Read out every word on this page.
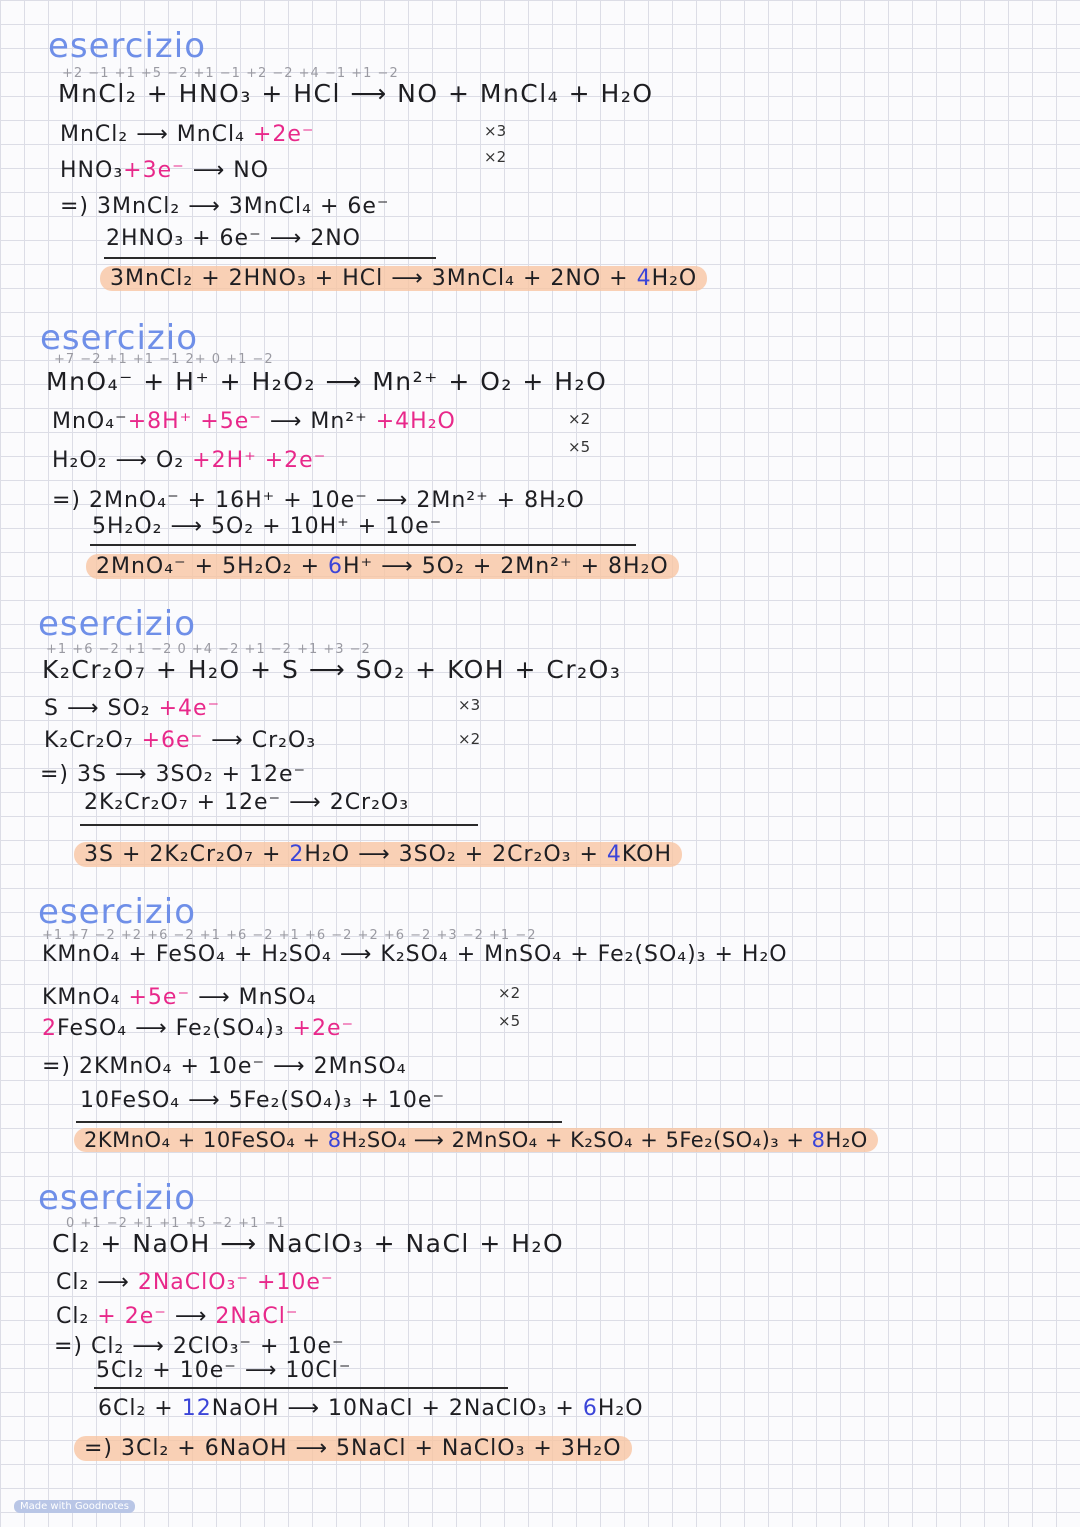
esercizio
+2 −1 +1 +5 −2 +1 −1 +2 −2 +4 −1 +1 −2
MnCl₂ + HNO₃ + HCl ⟶ NO + MnCl₄ + H₂O
MnCl₂ ⟶ MnCl₄ +2e⁻	×3
HNO₃+3e⁻ ⟶ NO
×2
=) 3MnCl₂ ⟶ 3MnCl₄ + 6e⁻
2HNO₃ + 6e⁻ ⟶ 2NO
3MnCl₂ + 2HNO₃ + HCl ⟶ 3MnCl₄ + 2NO + 4H₂O
esercizio
+7 −2 +1 +1 −1 2+ 0 +1 −2
MnO₄⁻ + H⁺ + H₂O₂ ⟶ Mn²⁺ + O₂ + H₂O
MnO₄⁻+8H⁺ +5e⁻ ⟶ Mn²⁺ +4H₂O	×2
H₂O₂ ⟶ O₂ +2H⁺ +2e⁻
×5
=) 2MnO₄⁻ + 16H⁺ + 10e⁻ ⟶ 2Mn²⁺ + 8H₂O
5H₂O₂ ⟶ 5O₂ + 10H⁺ + 10e⁻
2MnO₄⁻ + 5H₂O₂ + 6H⁺ ⟶ 5O₂ + 2Mn²⁺ + 8H₂O
esercizio
+1 +6 −2 +1 −2 0 +4 −2 +1 −2 +1 +3 −2
K₂Cr₂O₇ + H₂O + S ⟶ SO₂ + KOH + Cr₂O₃
S ⟶ SO₂ +4e⁻	×3
K₂Cr₂O₇ +6e⁻ ⟶ Cr₂O₃	×2
=) 3S ⟶ 3SO₂ + 12e⁻
2K₂Cr₂O₇ + 12e⁻ ⟶ 2Cr₂O₃
3S + 2K₂Cr₂O₇ + 2H₂O ⟶ 3SO₂ + 2Cr₂O₃ + 4KOH
esercizio
+1 +7 −2 +2 +6 −2 +1 +6 −2 +1 +6 −2 +2 +6 −2 +3 −2 +1 −2
KMnO₄ + FeSO₄ + H₂SO₄ ⟶ K₂SO₄ + MnSO₄ + Fe₂(SO₄)₃ + H₂O
KMnO₄ +5e⁻ ⟶ MnSO₄	×2
2FeSO₄ ⟶ Fe₂(SO₄)₃ +2e⁻	×5
=) 2KMnO₄ + 10e⁻ ⟶ 2MnSO₄
10FeSO₄ ⟶ 5Fe₂(SO₄)₃ + 10e⁻
2KMnO₄ + 10FeSO₄ + 8H₂SO₄ ⟶ 2MnSO₄ + K₂SO₄ + 5Fe₂(SO₄)₃ + 8H₂O
esercizio
0 +1 −2 +1 +1 +5 −2 +1 −1
Cl₂ + NaOH ⟶ NaClO₃ + NaCl + H₂O
Cl₂ ⟶ 2NaClO₃⁻ +10e⁻
Cl₂ + 2e⁻ ⟶ 2NaCl⁻
=) Cl₂ ⟶ 2ClO₃⁻ + 10e⁻
5Cl₂ + 10e⁻ ⟶ 10Cl⁻
6Cl₂ + 12NaOH ⟶ 10NaCl + 2NaClO₃ + 6H₂O
=) 3Cl₂ + 6NaOH ⟶ 5NaCl + NaClO₃ + 3H₂O
Made with Goodnotes
